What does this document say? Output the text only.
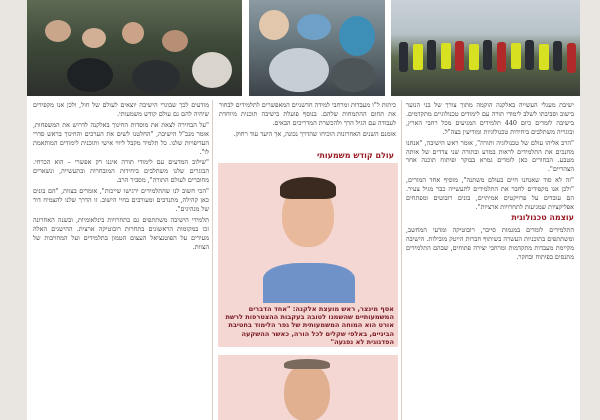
ישיבת מעגלי העשייה באלקנה הוקמה מתוך צורך של בני הנוער בישוב וסביבתו לשלב לימודי תורה עם לימודים טכנולוגיים מתקדמים. בישיבה לומדים כיום 440 תלמידים המגיעים מכל רחבי הארץ, ובוגריה משתלבים ביחידות טכנולוגיות ומודיעין בצה"ל.

"הרב אליהו עולם של טכנולוגיה ותורה", אומר ראש הישיבה, "אנחנו מחנכים את התלמידים לראות במדע ובתורה שני צדדים של אותה מטבע. הבחורים כאן לומדים גמרא בבוקר ופיתוח תוכנה אחר הצהריים".

"זה לא סוד שאנחנו חיים בעולם משתנה", מוסיף אחד המורים, "ולכן אנו מקפידים לחבר את התלמידים לתעשייה כבר מגיל צעיר. הם עובדים על פרויקטים אמיתיים, בונים רובוטים ומפתחים אפליקציות שמגיעות לתחרויות ארציות".

עוצמה טכנולוגית

התלמידים לומדים במגמות סייבר, רובוטיקה ומדעי המחשב, ומשתתפים בתוכניות העשרה בשיתוף חברות הייטק מובילות. הישיבה מקיימת מעבדות מתקדמות ומרחבי יצירה פתוחים, שבהם התלמידים מתנסים בפיתוח ובחקר.

כיתות ל"ו מעבדות ומרחבי למידה חדשניים המאפשרים לתלמידים לבחור את תחום ההתמחות שלהם. בנוסף פועלת בישיבה תוכנית מיוחדת לעבודה עם הגיל הרך ולהכשרת המדריכים הבאים.

אומנם השנים האחרונות הוכיחו שהדרך נכונה, אך היעד עוד רחוק.

עולם קודש משמעותי
אסף מינצר, ראש מועצת אלקנה: "אחד הדברים המשמעותיים שהשמנו לטובה בעקבות ההצטרפות לרשת אורט הוא המוחה המשמעותית של גפר הלימוד בחטיבת הביניים, באלפי שקלים לכל הורה, כאשר ההשקעה הפדגוגית לא נפגעה"

מודעים לכך שבוגרי הישיבה יוצאים לעולם של חול, ולכן אנו מקפידים שיהיה להם גם עולם קודש משמעותי.

"על הבחירה לצאת את מוסדות החינוך באלקנה לדרוש את המשפחות, אומר מנכ"ל הישיבה, "החלטנו לשים את הערכים והחינוך בראש סדרי העדיפויות שלנו. כל תלמיד מקבל ליווי אישי ותוכנית לימודים המותאמת לו".

"שילוב המדעים עם לימודי תורה איננו רק אפשרי – הוא הכרחי. הבוגרים שלנו משתלבים ביחידות המובחרות ובתעשייה, ונשארים מחוברים לעולם התורה", מסביר הרב.

"הכי חשוב לנו שהתלמידים ירגישו שייכות", אומרים בצוות, "הם בונים כאן קהילה, מתנדבים ומעורבים בחיי הישוב. זו הדרך שלנו להצמיח דור של מנהיגים".

תלמידי הישיבה משתתפים גם בתחרויות בינלאומיות, ובשנה האחרונה זכו במקומות הראשונים בתחרות רובוטיקה ארצית. ההישגים האלה מעידים על הפוטנציאל העצום הטמון בתלמידים ועל המחויבות של הצוות.
